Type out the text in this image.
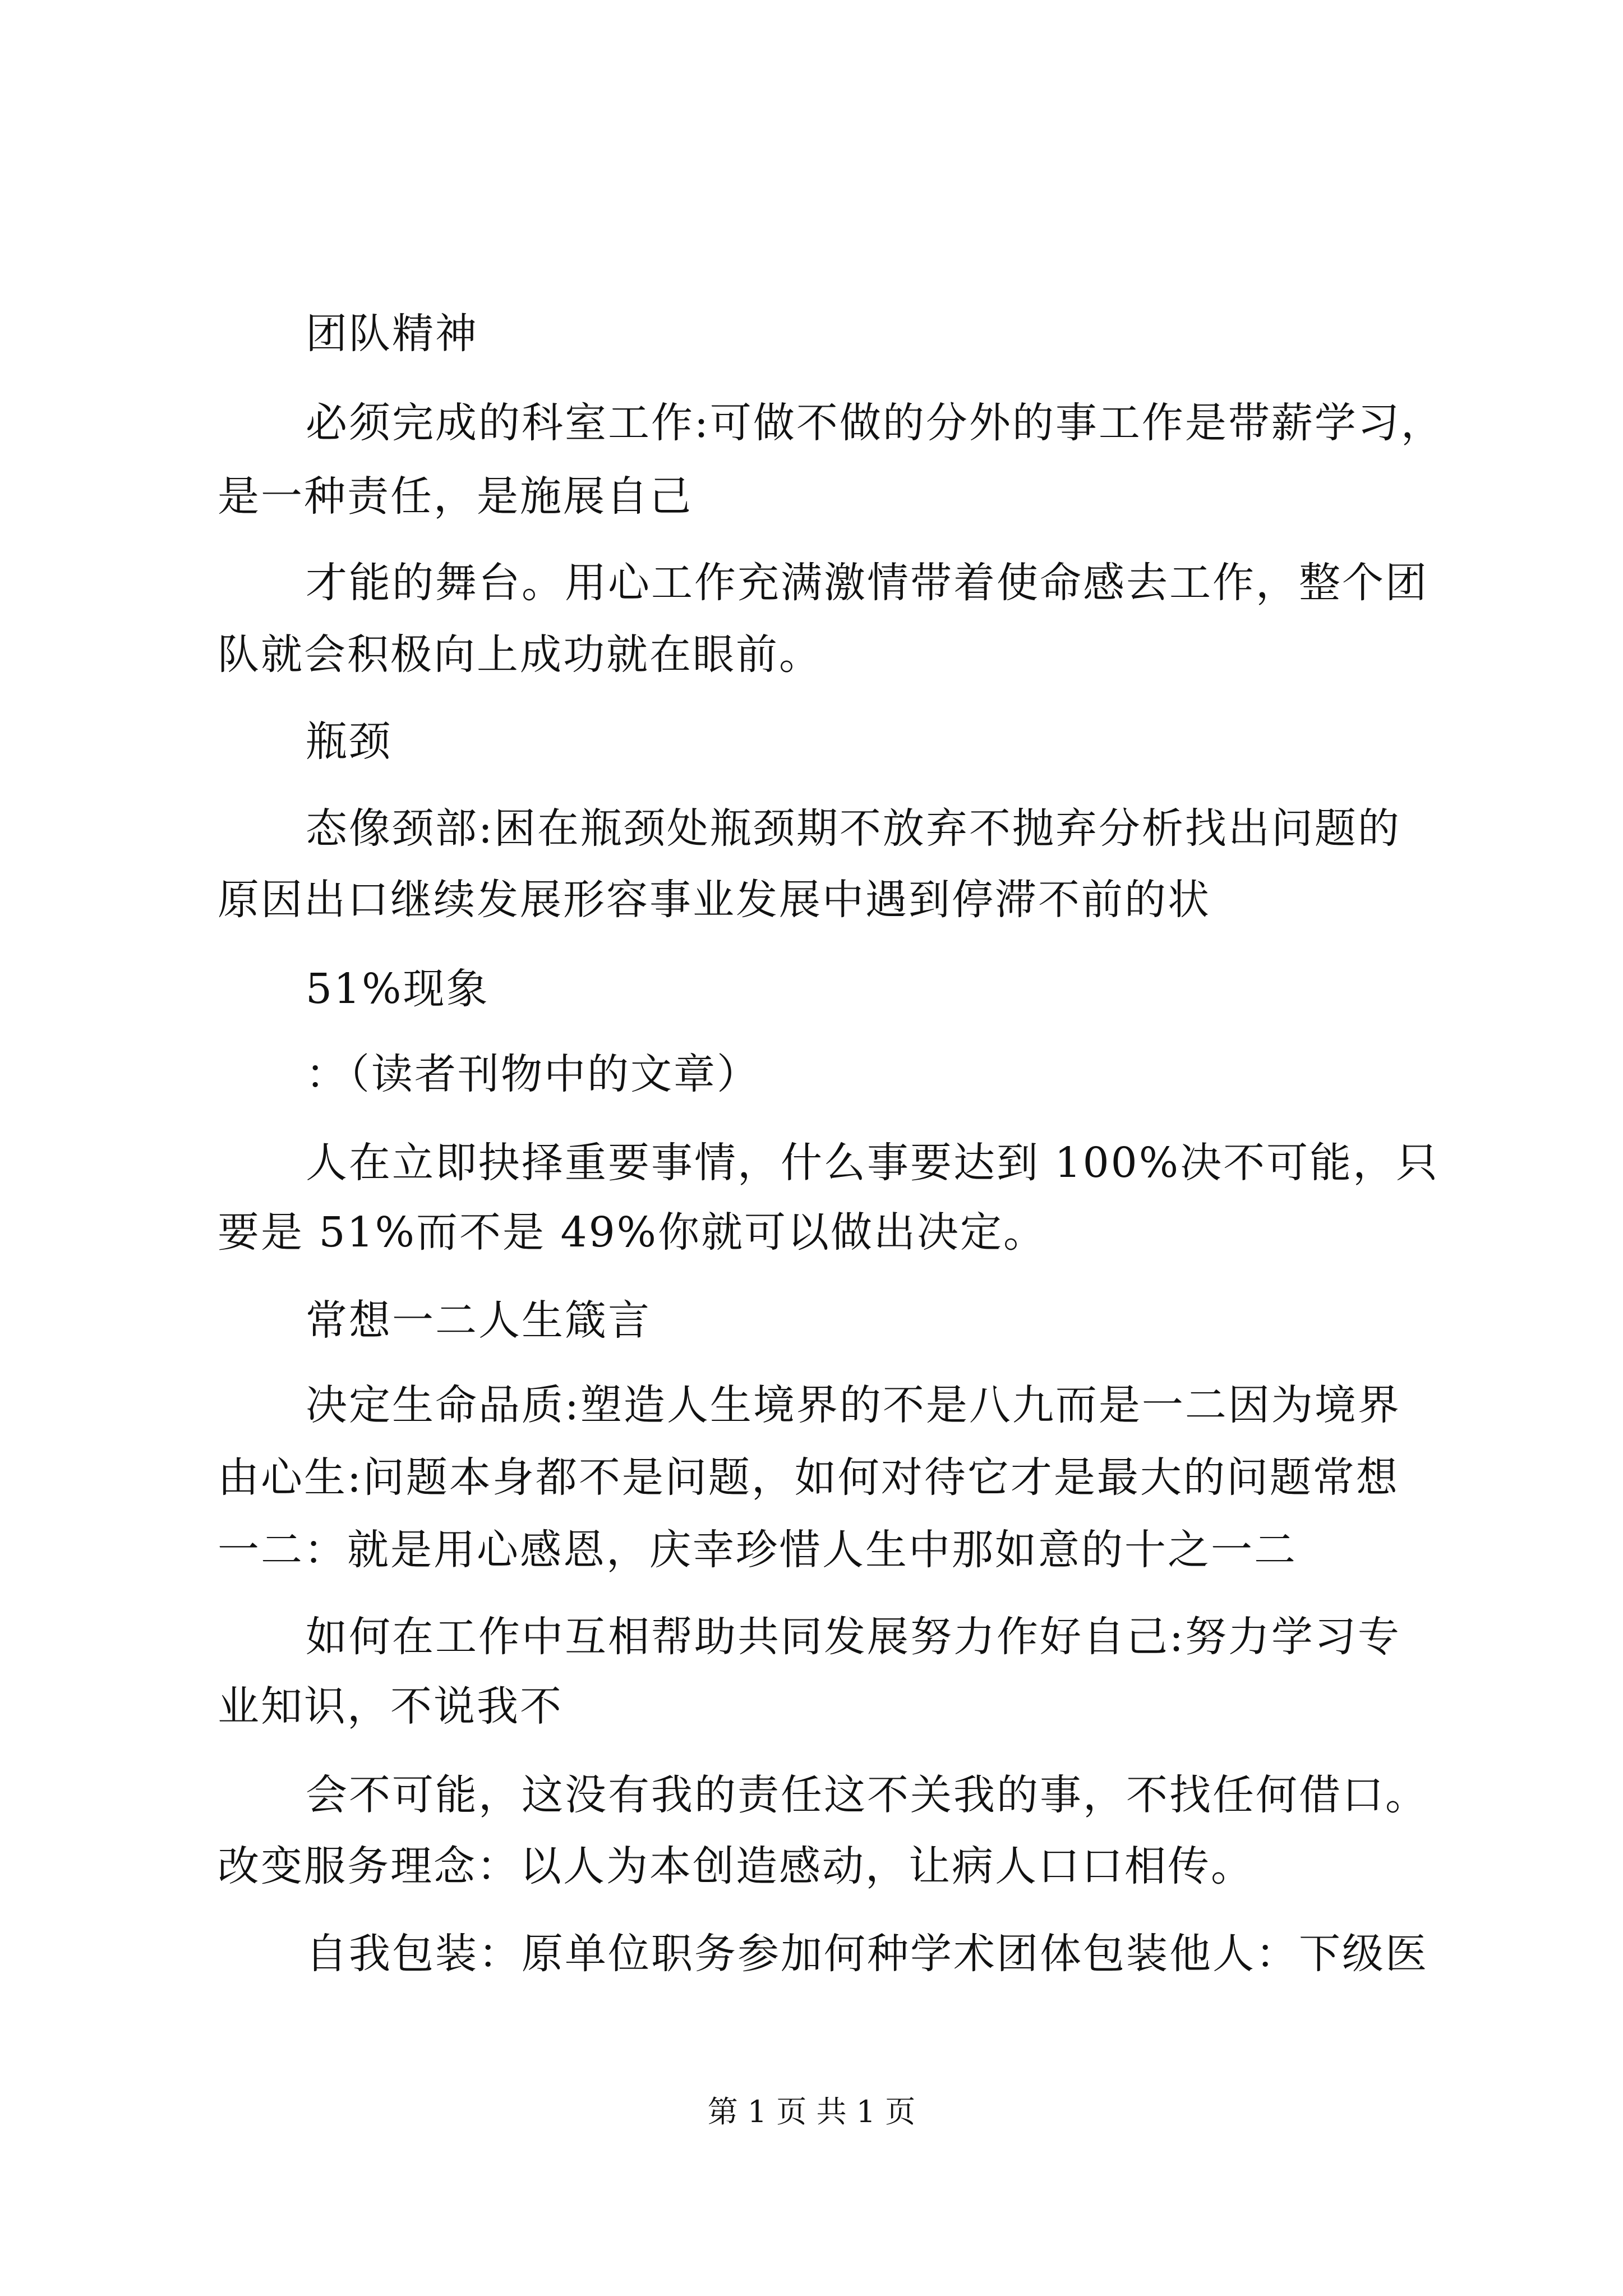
团队精神
必须完成的科室工作:可做不做的分外的事工作是带薪学习，
是一种责任，是施展自己
才能的舞台。用心工作充满激情带着使命感去工作，整个团
队就会积极向上成功就在眼前。
瓶颈
态像颈部:困在瓶颈处瓶颈期不放弃不抛弃分析找出问题的
原因出口继续发展形容事业发展中遇到停滞不前的状
51%现象
：（读者刊物中的文章）
人在立即抉择重要事情，什么事要达到 100%决不可能，只
要是 51%而不是 49%你就可以做出决定。
常想一二人生箴言
决定生命品质:塑造人生境界的不是八九而是一二因为境界
由心生:问题本身都不是问题，如何对待它才是最大的问题常想
一二：就是用心感恩，庆幸珍惜人生中那如意的十之一二
如何在工作中互相帮助共同发展努力作好自己:努力学习专
业知识，不说我不
会不可能，这没有我的责任这不关我的事，不找任何借口。
改变服务理念：以人为本创造感动，让病人口口相传。
自我包装：原单位职务参加何种学术团体包装他人：下级医
第 1 页 共 1 页
